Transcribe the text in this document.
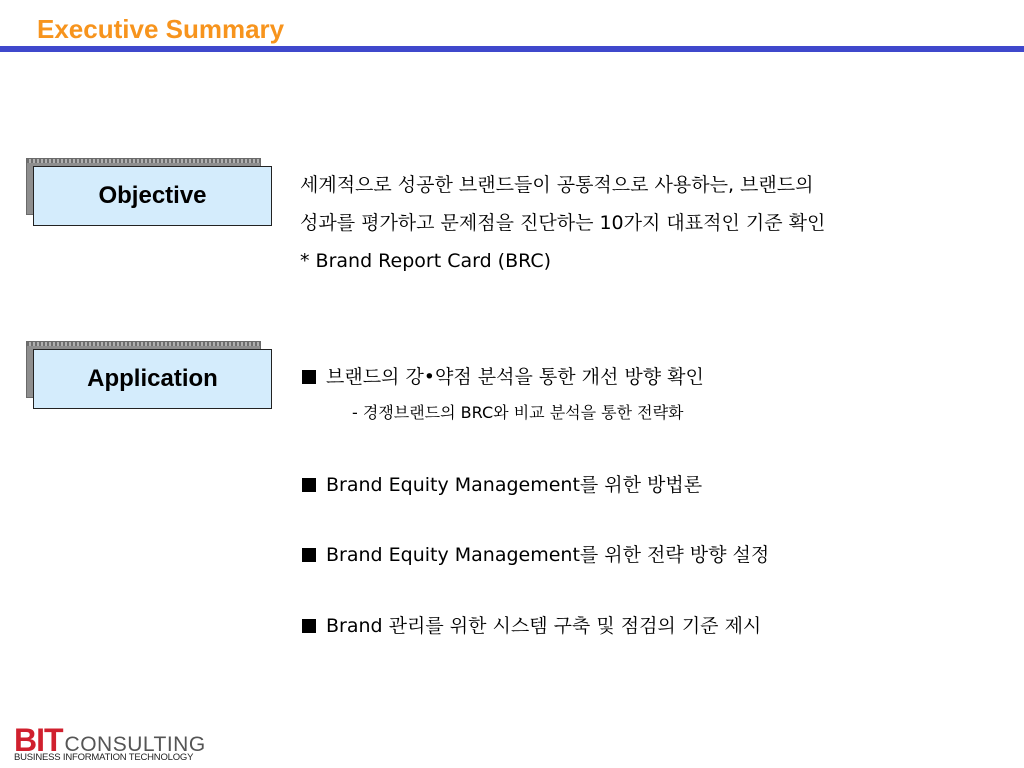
Executive Summary
Objective	세계적으로 성공한 브랜드들이 공통적으로 사용하는, 브랜드의
성과를 평가하고 문제점을 진단하는 10가지 대표적인 기준 확인
* Brand Report Card (BRC)
Application	브랜드의 강•약점 분석을 통한 개선 방향 확인
- 경쟁브랜드의 BRC와 비교 분석을 통한 전략화
Brand Equity Management를 위한 방법론
Brand Equity Management를 위한 전략 방향 설정
Brand 관리를 위한 시스템 구축 및 점검의 기준 제시
BITCONSULTING
BUSINESS INFORMATION TECHNOLOGY
